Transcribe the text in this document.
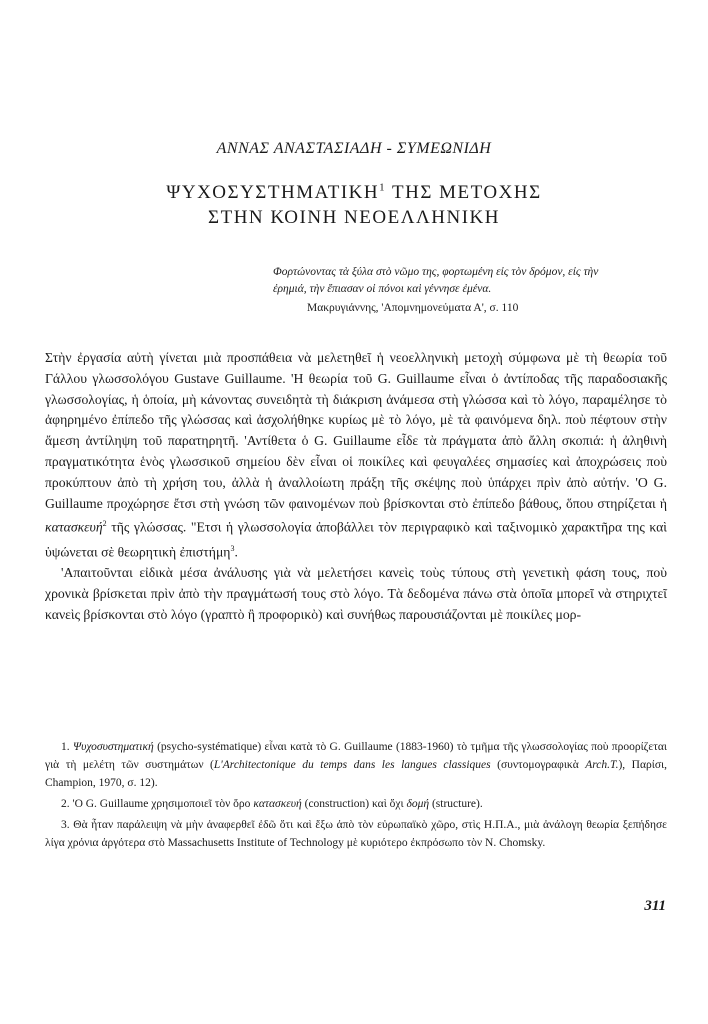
ΑΝΝΑΣ ΑΝΑΣΤΑΣΙΑΔΗ - ΣΥΜΕΩΝΙΔΗ
ΨΥΧΟΣΥΣΤΗΜΑΤΙΚΗ$^1$ ΤΗΣ ΜΕΤΟΧΗΣ
ΣΤΗΝ ΚΟΙΝΗ ΝΕΟΕΛΛΗΝΙΚΗ
Φορτώνοντας τὰ ξύλα στὸ νῶμο της, φορτωμένη εἰς τὸν δρόμον, εἰς τὴν ἐρημιά, τὴν ἔπιασαν οἱ πόνοι καὶ γέννησε ἐμένα.
Μακρυγιάννης, 'Απομνημονεύματα Α', σ. 110

Στὴν ἐργασία αὐτὴ γίνεται μιὰ προσπάθεια νὰ μελετηθεῖ ἡ νεοελληνικὴ μετοχὴ σύμφωνα μὲ τὴ θεωρία τοῦ Γάλλου γλωσσολόγου Gustave Guillaume. 'Η θεωρία τοῦ G. Guillaume εἶναι ὁ ἀντίποδας τῆς παραδοσιακῆς γλωσσολογίας, ἡ ὁποία, μὴ κάνοντας συνειδητὰ τὴ διάκριση ἀνάμεσα στὴ γλώσσα καὶ τὸ λόγο, παραμέλησε τὸ ἀφηρημένο ἐπίπεδο τῆς γλώσσας καὶ ἀσχολήθηκε κυρίως μὲ τὸ λόγο, μὲ τὰ φαινόμενα δηλ. ποὺ πέφτουν στὴν ἄμεση ἀντίληψη τοῦ παρατηρητῆ. 'Αντίθετα ὁ G. Guillaume εἶδε τὰ πράγματα ἀπὸ ἄλλη σκοπιά: ἡ ἀληθινὴ πραγματικότητα ἑνὸς γλωσσικοῦ σημείου δὲν εἶναι οἱ ποικίλες καὶ φευγαλέες σημασίες καὶ ἀποχρώσεις ποὺ προκύπτουν ἀπὸ τὴ χρήση του, ἀλλὰ ἡ ἀναλλοίωτη πράξη τῆς σκέψης ποὺ ὑπάρχει πρὶν ἀπὸ αὐτήν. 'Ο G. Guillaume προχώρησε ἔτσι στὴ γνώση τῶν φαινομένων ποὺ βρίσκονται στὸ ἐπίπεδο βάθους, ὅπου στηρίζεται ἡ κατασκευή$^2$ τῆς γλώσσας. "Ετσι ἡ γλωσσολογία ἀποβάλλει τὸν περιγραφικὸ καὶ ταξινομικὸ χαρακτῆρα της καὶ ὑψώνεται σὲ θεωρητικὴ ἐπιστήμη$^3$.

'Απαιτοῦνται εἰδικὰ μέσα ἀνάλυσης γιὰ νὰ μελετήσει κανεὶς τοὺς τύπους στὴ γενετικὴ φάση τους, ποὺ χρονικὰ βρίσκεται πρὶν ἀπὸ τὴν πραγμάτωσή τους στὸ λόγο. Τὰ δεδομένα πάνω στὰ ὁποῖα μπορεῖ νὰ στηριχτεῖ κανεὶς βρίσκονται στὸ λόγο (γραπτὸ ἢ προφορικὸ) καὶ συνήθως παρουσιάζονται μὲ ποικίλες μορ-

1. Ψυχοσυστηματική (psycho-systématique) εἶναι κατὰ τὸ G. Guillaume (1883-1960) τὸ τμῆμα τῆς γλωσσολογίας ποὺ προορίζεται γιὰ τὴ μελέτη τῶν συστημάτων (L'Architectonique du temps dans les langues classiques (συντομογραφικὰ Arch.T.), Παρίσι, Champion, 1970, σ. 12).

2. 'Ο G. Guillaume χρησιμοποιεῖ τὸν ὅρο κατασκευή (construction) καὶ ὄχι δομή (structure).

3. Θὰ ἦταν παράλειψη νὰ μὴν ἀναφερθεῖ ἐδῶ ὅτι καὶ ἔξω ἀπὸ τὸν εὐρωπαϊκὸ χῶρο, στὶς Η.Π.Α., μιὰ ἀνάλογη θεωρία ξεπήδησε λίγα χρόνια ἀργότερα στὸ Massachusetts Institute of Technology μὲ κυριότερο ἐκπρόσωπο τὸν N. Chomsky.

311
